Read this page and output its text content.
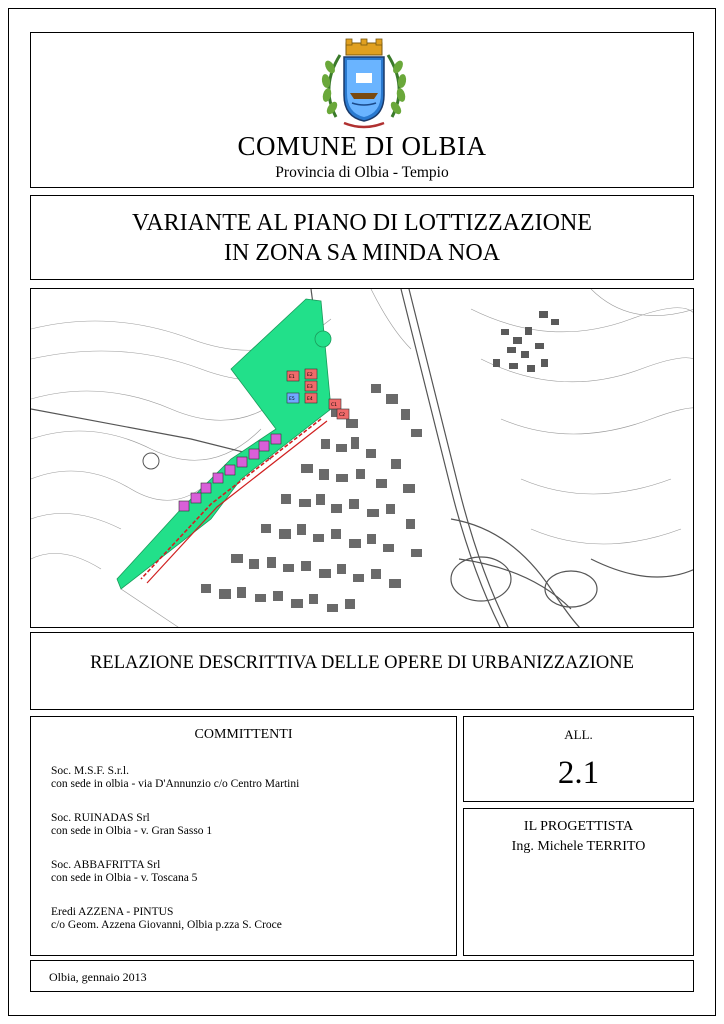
COMUNE DI OLBIA
Provincia di Olbia - Tempio
VARIANTE AL PIANO DI LOTTIZZAZIONE
IN ZONA SA MINDA NOA
E1	E2
E3
E4
E5
C1
C2
RELAZIONE DESCRITTIVA DELLE OPERE DI URBANIZZAZIONE
COMMITTENTI
Soc. M.S.F. S.r.l.
con sede in olbia - via D'Annunzio c/o Centro Martini
Soc. RUINADAS Srl
con sede in Olbia - v. Gran Sasso 1
Soc. ABBAFRITTA Srl
con sede in Olbia - v. Toscana 5
Eredi AZZENA - PINTUS
c/o Geom. Azzena Giovanni, Olbia p.zza S. Croce
ALL.
2.1
IL PROGETTISTA
Ing. Michele TERRITO
Olbia, gennaio 2013
